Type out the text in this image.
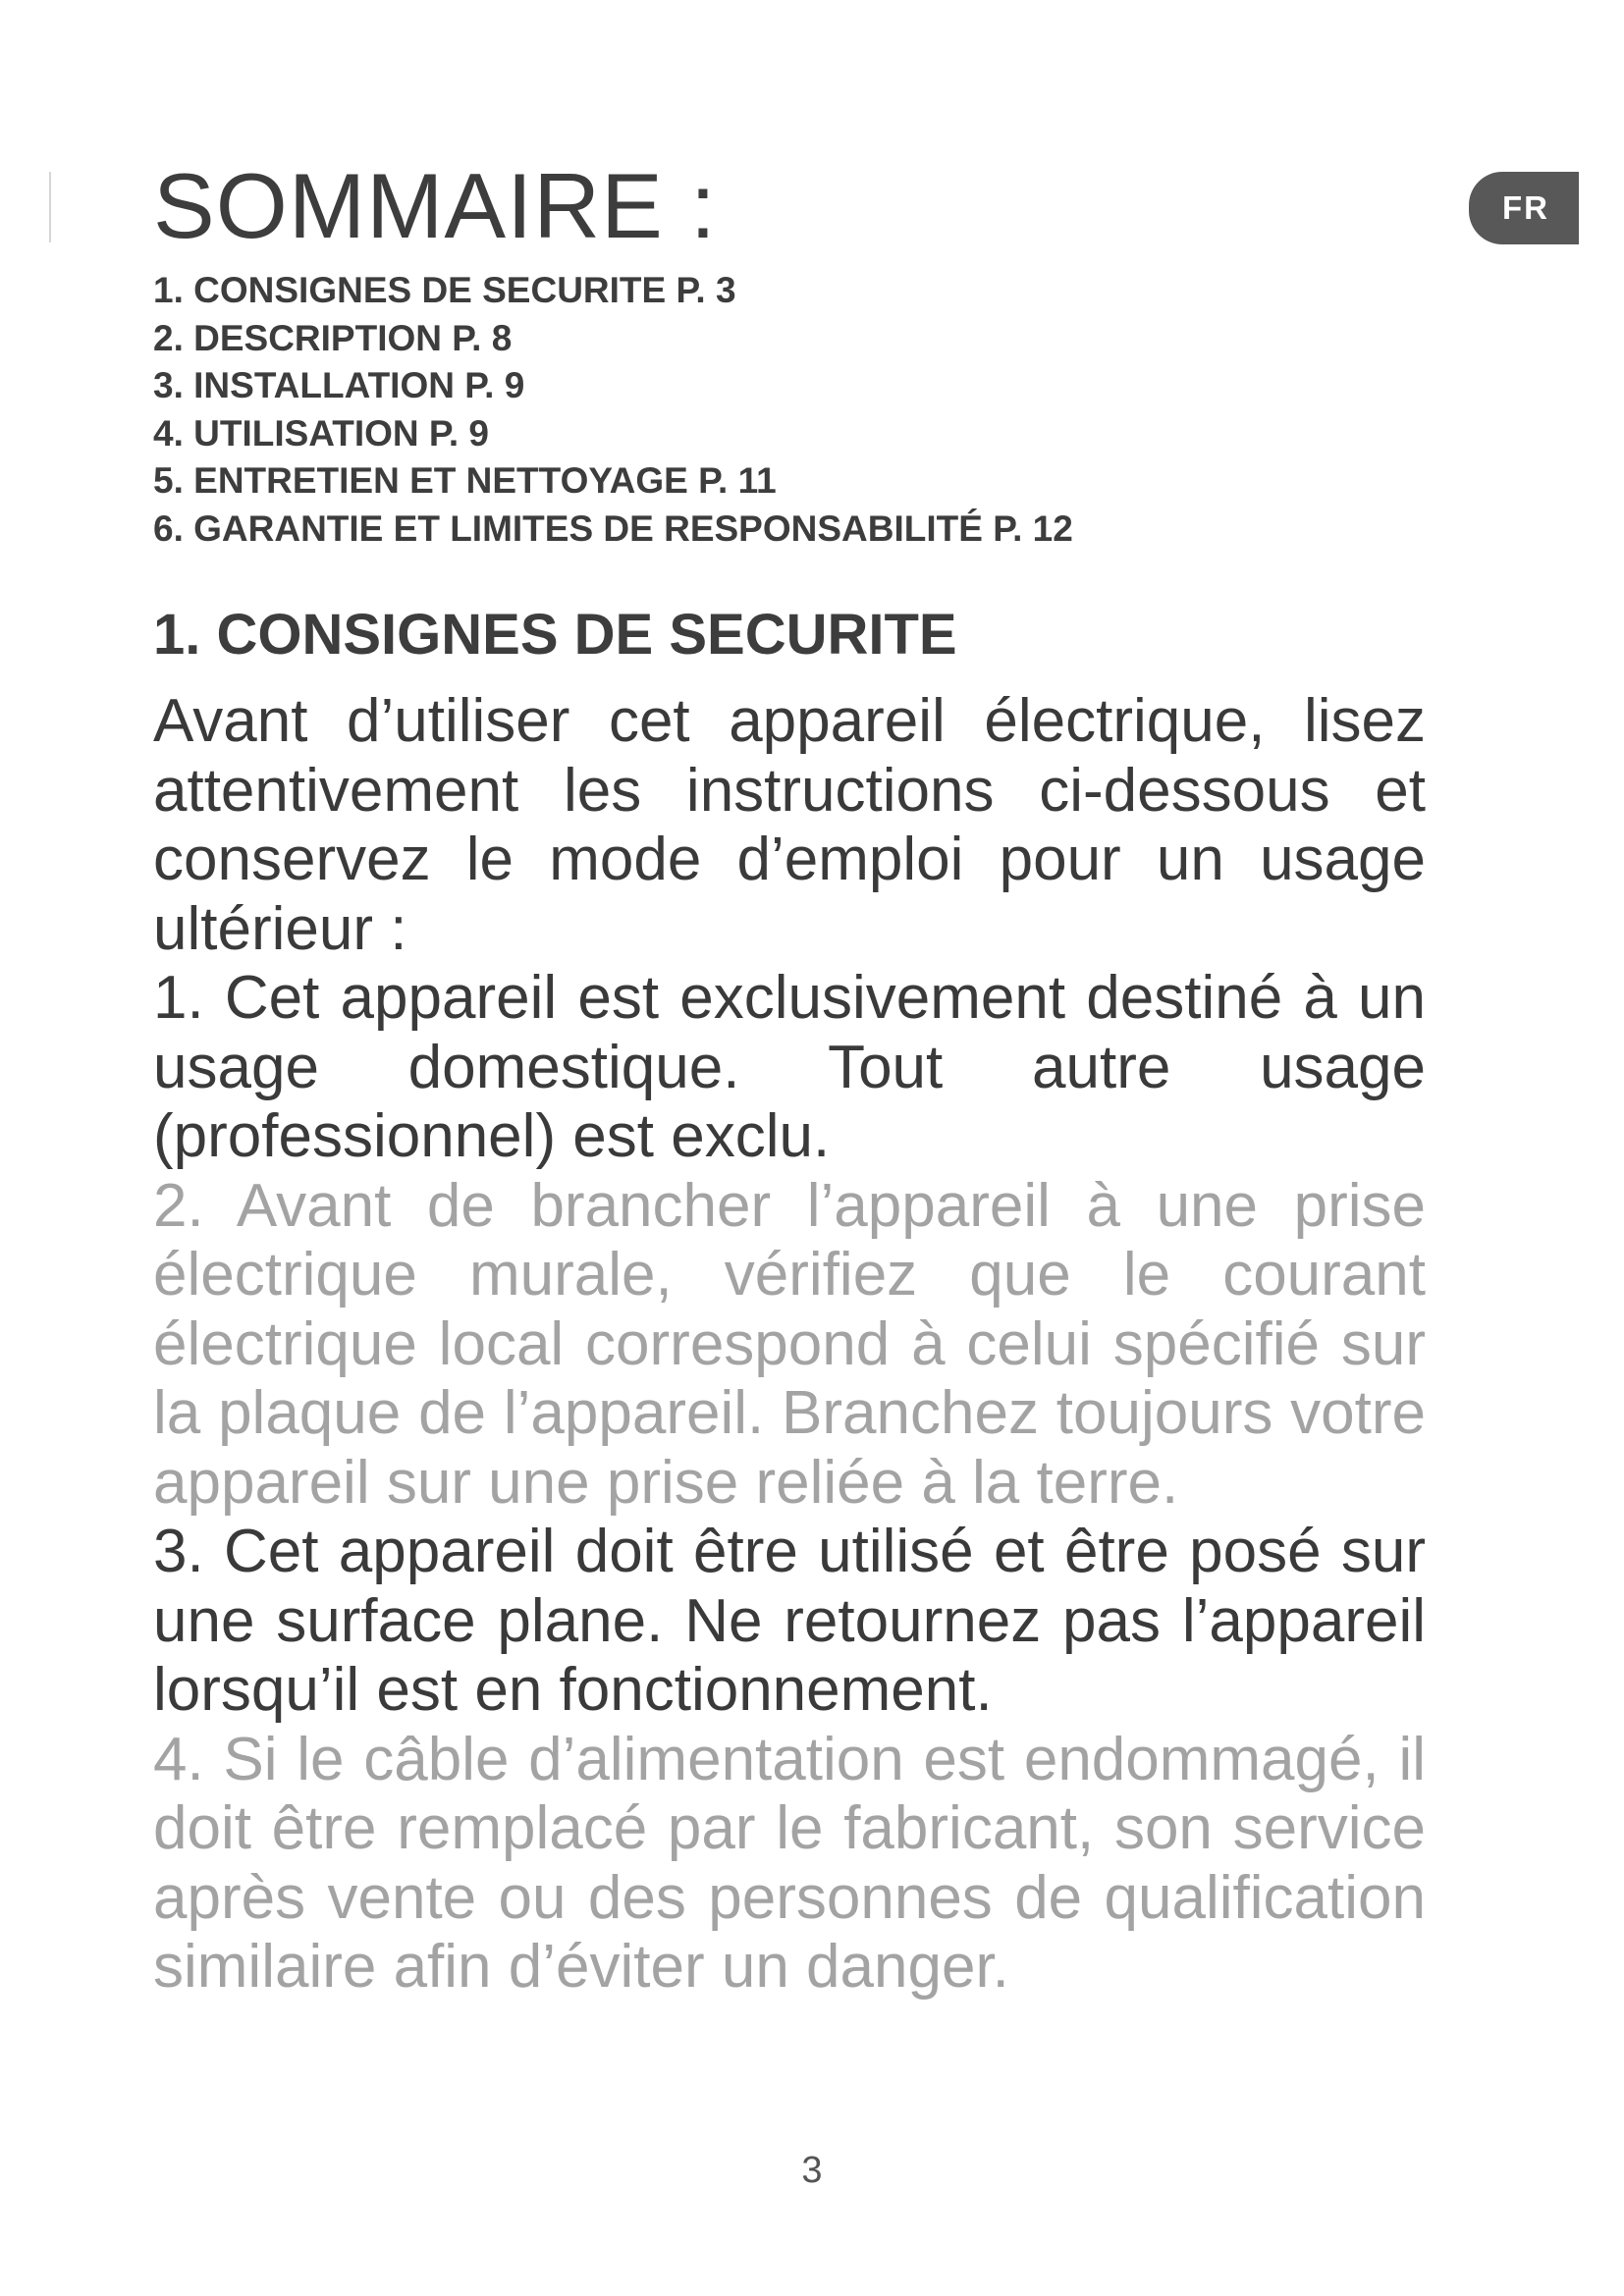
FR
SOMMAIRE :
1. CONSIGNES DE SECURITE P. 3
2. DESCRIPTION P. 8
3. INSTALLATION P. 9
4. UTILISATION P. 9
5. ENTRETIEN ET NETTOYAGE P. 11
6. GARANTIE ET LIMITES DE RESPONSABILITÉ P. 12
1. CONSIGNES DE SECURITE

Avant d’utiliser cet appareil électrique, lisez attentivement les instructions ci-dessous et conservez le mode d’emploi pour un usage ultérieur :

1. Cet appareil est exclusivement destiné à un usage domestique. Tout autre usage (professionnel) est exclu.

2. Avant de brancher l’appareil à une prise électrique murale, vérifiez que le courant électrique local correspond à celui spécifié sur la plaque de l’appareil. Branchez toujours votre appareil sur une prise reliée à la terre.

3. Cet appareil doit être utilisé et être posé sur une surface plane. Ne retournez pas l’appareil lorsqu’il est en fonctionnement.

4. Si le câble d’alimentation est endommagé, il doit être remplacé par le fabricant, son service après vente ou des personnes de qualification similaire afin d’éviter un danger.

3
